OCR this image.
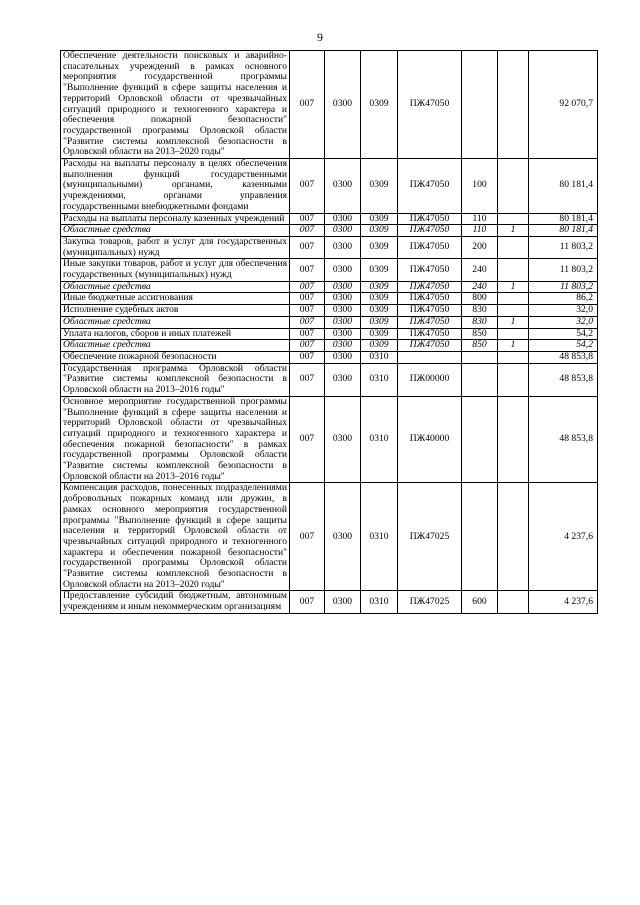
9
Обеспечение деятельности поисковых и аварийно-спасательных учреждений в рамках основного мероприятия государственной программы "Выполнение функций в сфере защиты населения и территорий Орловской области от чрезвычайных ситуаций природного и техногенного характера и обеспечения пожарной безопасности" государственной программы Орловской области "Развитие системы комплексной безопасности в Орловской области на 2013–2020 годы"	007	0300	0309	ПЖ47050			92 070,7
Расходы на выплаты персоналу в целях обеспечения выполнения функций государственными (муниципальными) органами, казенными учреждениями, органами управления государственными внебюджетными фондами	007	0300	0309	ПЖ47050	100		80 181,4
Расходы на выплаты персоналу казенных учреждений	007	0300	0309	ПЖ47050	110		80 181,4
Областные средства	007	0300	0309	ПЖ47050	110	1	80 181,4
Закупка товаров, работ и услуг для государственных (муниципальных) нужд	007	0300	0309	ПЖ47050	200		11 803,2
Иные закупки товаров, работ и услуг для обеспечения государственных (муниципальных) нужд	007	0300	0309	ПЖ47050	240		11 803,2
Областные средства	007	0300	0309	ПЖ47050	240	1	11 803,2
Иные бюджетные ассигнования	007	0300	0309	ПЖ47050	800		86,2
Исполнение судебных актов	007	0300	0309	ПЖ47050	830		32,0
Областные средства	007	0300	0309	ПЖ47050	830	1	32,0
Уплата налогов, сборов и иных платежей	007	0300	0309	ПЖ47050	850		54,2
Областные средства	007	0300	0309	ПЖ47050	850	1	54,2
Обеспечение пожарной безопасности	007	0300	0310				48 853,8
Государственная программа Орловской области "Развитие системы комплексной безопасности в Орловской области на 2013–2016 годы"	007	0300	0310	ПЖ00000			48 853,8
Основное мероприятие государственной программы "Выполнение функций в сфере защиты населения и территорий Орловской области от чрезвычайных ситуаций природного и техногенного характера и обеспечения пожарной безопасности" в рамках государственной программы Орловской области "Развитие системы комплексной безопасности в Орловской области на 2013–2016 годы"	007	0300	0310	ПЖ40000			48 853,8
Компенсация расходов, понесенных подразделениями добровольных пожарных команд или дружин, в рамках основного мероприятия государственной программы "Выполнение функций в сфере защиты населения и территорий Орловской области от чрезвычайных ситуаций природного и техногенного характера и обеспечения пожарной безопасности" государственной программы Орловской области "Развитие системы комплексной безопасности в Орловской области на 2013–2020 годы"	007	0300	0310	ПЖ47025			4 237,6
Предоставление субсидий бюджетным, автономным учреждениям и иным некоммерческим организациям	007	0300	0310	ПЖ47025	600		4 237,6
